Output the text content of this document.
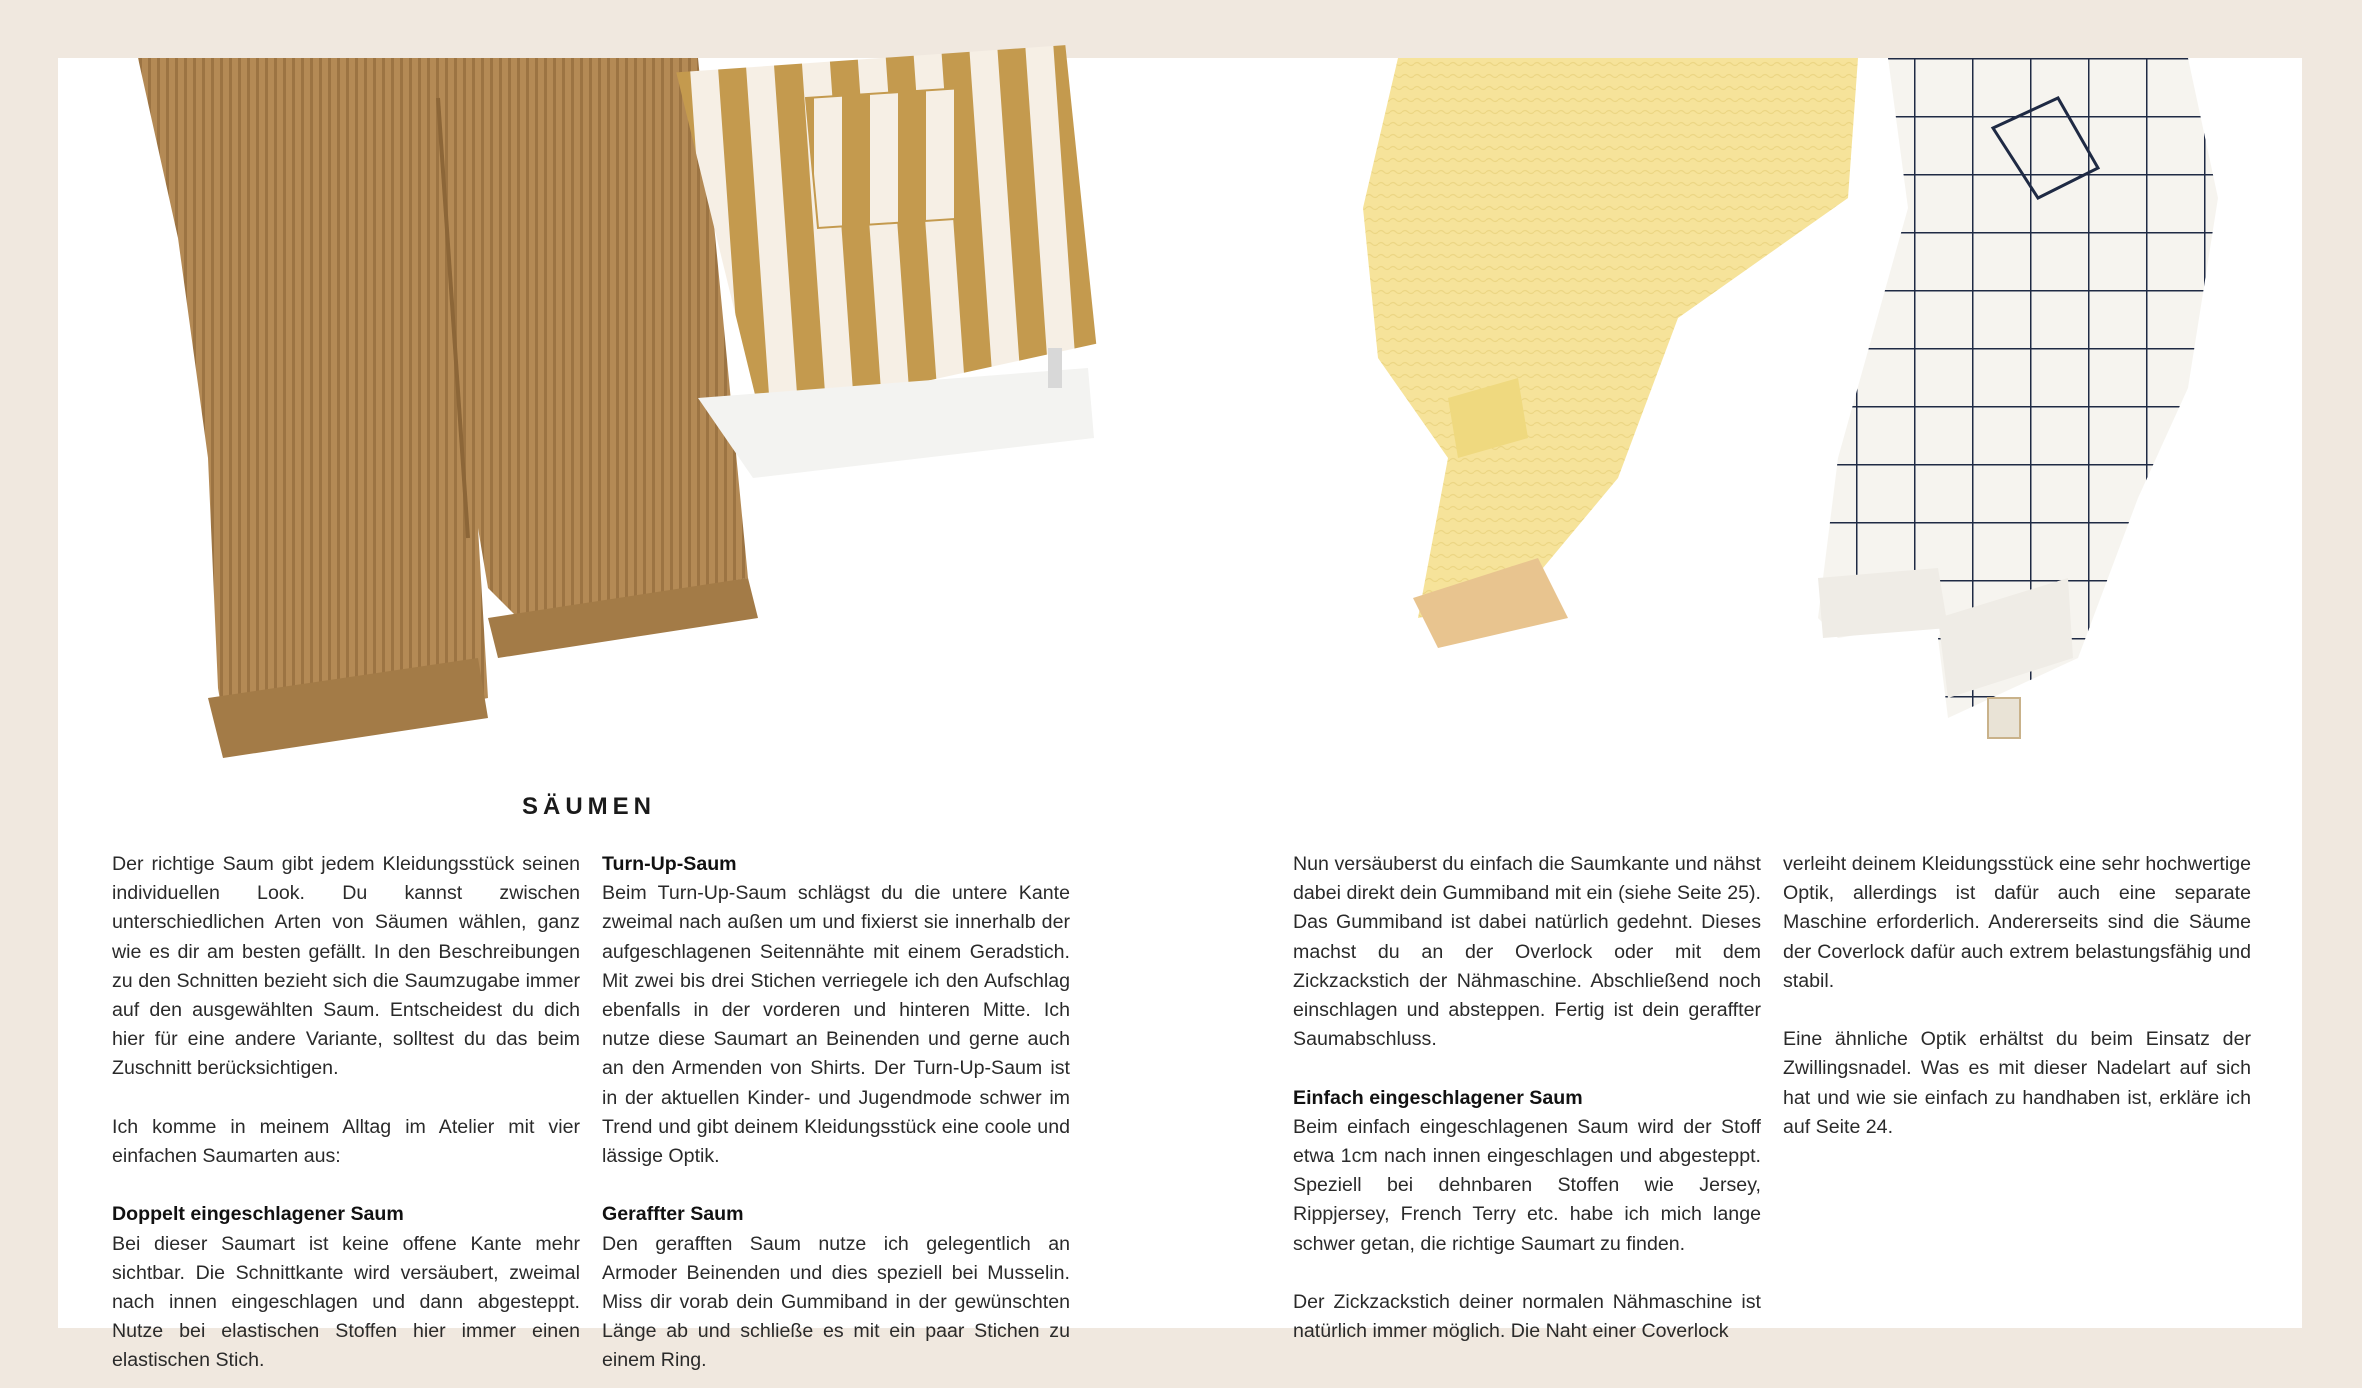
SÄUMEN

Der richtige Saum gibt jedem Kleidungsstück seinen individuellen Look. Du kannst zwischen unterschiedlichen Arten von Säumen wählen, ganz wie es dir am besten gefällt. In den Beschreibungen zu den Schnitten bezieht sich die Saumzugabe immer auf den ausgewählten Saum. Entscheidest du dich hier für eine andere Variante, solltest du das beim Zuschnitt berücksichtigen.

Ich komme in meinem Alltag im Atelier mit vier einfachen Saumarten aus:

Doppelt eingeschlagener Saum

Bei dieser Saumart ist keine offene Kante mehr sichtbar. Die Schnittkante wird versäubert, zweimal nach innen eingeschlagen und dann abgesteppt. Nutze bei elastischen Stoffen hier immer einen elastischen Stich.

Turn-Up-Saum

Beim Turn-Up-Saum schlägst du die untere Kante zweimal nach außen um und fixierst sie innerhalb der aufgeschlagenen Seitennähte mit einem Geradstich. Mit zwei bis drei Stichen verriegele ich den Aufschlag ebenfalls in der vorderen und hinteren Mitte. Ich nutze diese Saumart an Beinenden und gerne auch an den Armenden von Shirts. Der Turn-Up-Saum ist in der aktuellen Kinder- und Jugendmode schwer im Trend und gibt deinem Kleidungsstück eine coole und lässige Optik.

Geraffter Saum

Den gerafften Saum nutze ich gelegentlich an Armoder Beinenden und dies speziell bei Musselin. Miss dir vorab dein Gummiband in der gewünschten Länge ab und schließe es mit ein paar Stichen zu einem Ring.

Nun versäuberst du einfach die Saumkante und nähst dabei direkt dein Gummiband mit ein (siehe Seite 25). Das Gummiband ist dabei natürlich gedehnt. Dieses machst du an der Overlock oder mit dem Zickzackstich der Nähmaschine. Abschließend noch einschlagen und absteppen. Fertig ist dein geraffter Saumabschluss.

Einfach eingeschlagener Saum

Beim einfach eingeschlagenen Saum wird der Stoff etwa 1cm nach innen eingeschlagen und abgesteppt. Speziell bei dehnbaren Stoffen wie Jersey, Rippjersey, French Terry etc. habe ich mich lange schwer getan, die richtige Saumart zu finden.

Der Zickzackstich deiner normalen Nähmaschine ist natürlich immer möglich. Die Naht einer Coverlock

verleiht deinem Kleidungsstück eine sehr hochwertige Optik, allerdings ist dafür auch eine separate Maschine erforderlich. Andererseits sind die Säume der Coverlock dafür auch extrem belastungsfähig und stabil.

Eine ähnliche Optik erhältst du beim Einsatz der Zwillingsnadel. Was es mit dieser Nadelart auf sich hat und wie sie einfach zu handhaben ist, erkläre ich auf Seite 24.
